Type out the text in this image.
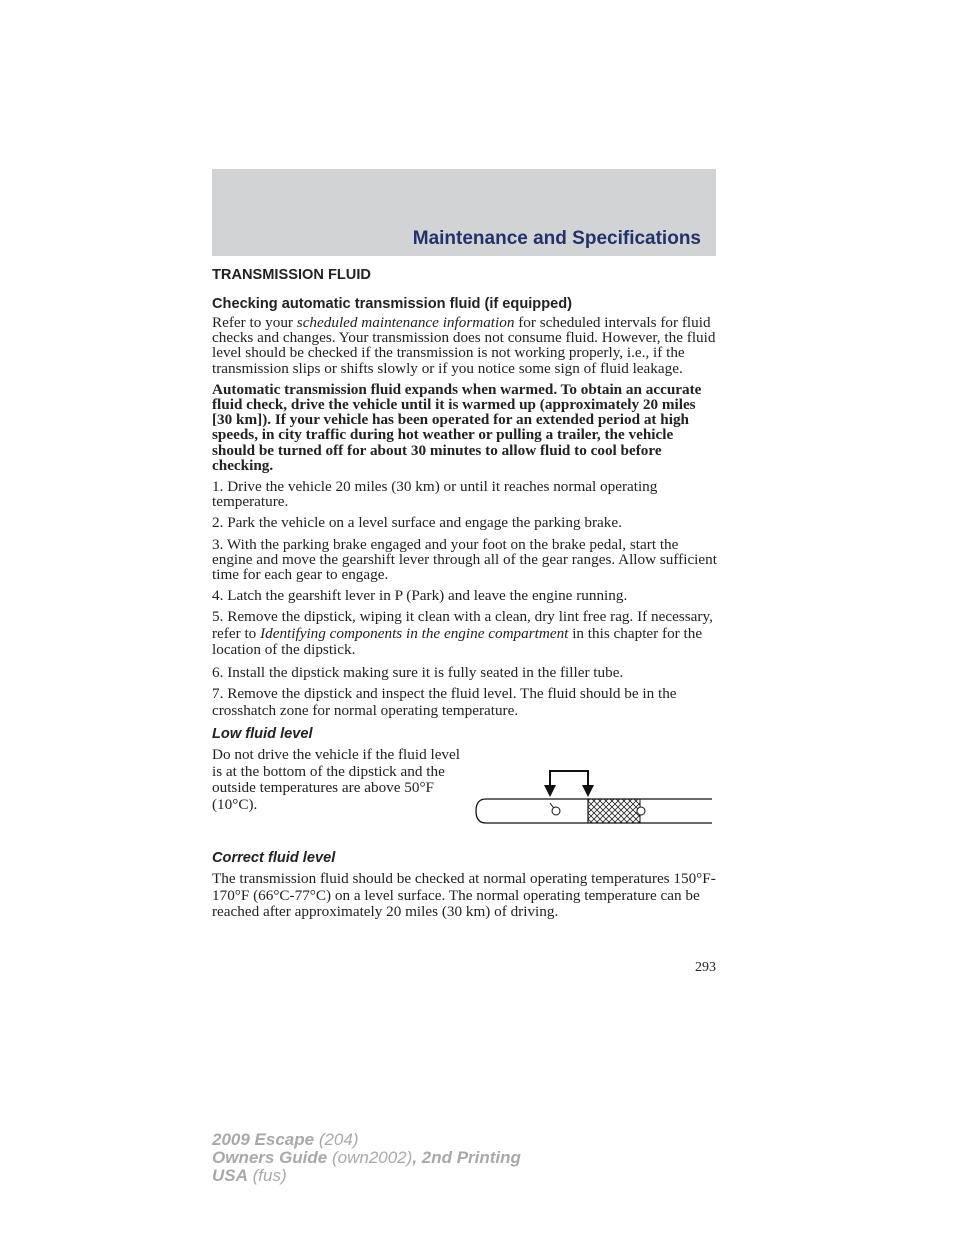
Maintenance and Specifications
TRANSMISSION FLUID
Checking automatic transmission fluid (if equipped)

Refer to your scheduled maintenance information for scheduled intervals for fluid checks and changes. Your transmission does not consume fluid. However, the fluid level should be checked if the transmission is not working properly, i.e., if the transmission slips or shifts slowly or if you notice some sign of fluid leakage.

Automatic transmission fluid expands when warmed. To obtain an accurate fluid check, drive the vehicle until it is warmed up (approximately 20 miles [30 km]). If your vehicle has been operated for an extended period at high speeds, in city traffic during hot weather or pulling a trailer, the vehicle should be turned off for about 30 minutes to allow fluid to cool before checking.

1. Drive the vehicle 20 miles (30 km) or until it reaches normal operating temperature.

2. Park the vehicle on a level surface and engage the parking brake.

3. With the parking brake engaged and your foot on the brake pedal, start the engine and move the gearshift lever through all of the gear ranges. Allow sufficient time for each gear to engage.

4. Latch the gearshift lever in P (Park) and leave the engine running.

5. Remove the dipstick, wiping it clean with a clean, dry lint free rag. If necessary, refer to Identifying components in the engine compartment in this chapter for the location of the dipstick.

6. Install the dipstick making sure it is fully seated in the filler tube.

7. Remove the dipstick and inspect the fluid level. The fluid should be in the crosshatch zone for normal operating temperature.

Low fluid level
Do not drive the vehicle if the fluid level is at the bottom of the dipstick and the outside temperatures are above 50°F (10°C).
Correct fluid level

The transmission fluid should be checked at normal operating temperatures 150°F-170°F (66°C-77°C) on a level surface. The normal operating temperature can be reached after approximately 20 miles (30 km) of driving.

293
2009 Escape (204)
Owners Guide (own2002), 2nd Printing
USA (fus)
